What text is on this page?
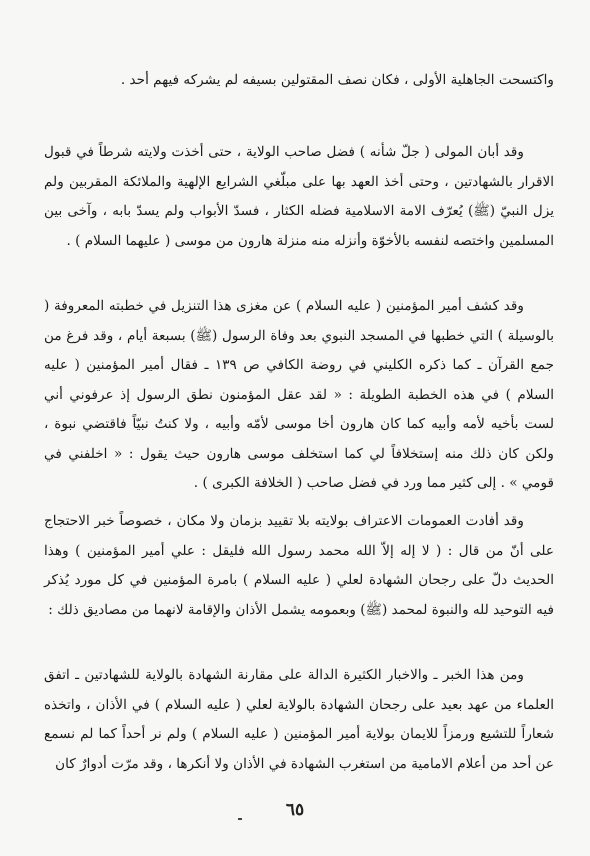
واكتسحت الجاهلية الأولى ، فكان نصف المقتولين بسيفه لم يشركه فيهم أحد .

وقد أبان المولى ( جلّ شأنه ) فضل صاحب الولاية ، حتى أخذت ولايته شرطاً في قبول الاقرار بالشهادتين ، وحتى أخذ العهد بها على مبلّغي الشرايع الإلهية والملائكة المقربين ولم يزل النبيّ (ﷺ) يُعرّف الامة الاسلامية فضله الكثار ، فسدّ الأبواب ولم يسدّ بابه ، وآخى بين المسلمين واختصه لنفسه بالأخوّة وأنزله منه منزلة هارون من موسى ( عليهما السلام ) .

وقد كشف أمير المؤمنين ( عليه السلام ) عن مغزى هذا التنزيل في خطبته المعروفة ( بالوسيلة ) التي خطبها في المسجد النبوي بعد وفاة الرسول (ﷺ) بسبعة أيام ، وقد فرغ من جمع القرآن ـ كما ذكره الكليني في روضة الكافي ص ١٣٩ ـ فقال أمير المؤمنين ( عليه السلام ) في هذه الخطبة الطويلة : « لقد عقل المؤمنون نطق الرسول إذ عرفوني أني لست بأخيه لأمه وأبيه كما كان هارون أخا موسى لأمّه وأبيه ، ولا كنتُ نبيّاً فاقتضي نبوة ، ولكن كان ذلك منه إستخلافاً لي كما استخلف موسى هارون حيث يقول : « اخلفني في قومي » . إلى كثير مما ورد في فضل صاحب ( الخلافة الكبرى ) .

وقد أفادت العمومات الاعتراف بولايته بلا تقييد بزمان ولا مكان ، خصوصاً خبر الاحتجاج على أنّ من قال : ( لا إله إلاّ الله محمد رسول الله فليقل : علي أمير المؤمنين ) وهذا الحديث دلّ على رجحان الشهادة لعلي ( عليه السلام ) بامرة المؤمنين في كل مورد يُذكر فيه التوحيد لله والنبوة لمحمد (ﷺ) وبعمومه يشمل الأذان والإقامة لانهما من مصاديق ذلك :

ومن هذا الخبر ـ والاخبار الكثيرة الدالة على مقارنة الشهادة بالولاية للشهادتين ـ اتفق العلماء من عهد بعيد على رجحان الشهادة بالولاية لعلي ( عليه السلام ) في الأذان ، واتخذه شعاراً للتشيع ورمزاً للايمان بولاية أمير المؤمنين ( عليه السلام ) ولم نر أحداً كما لم نسمع عن أحد من أعلام الامامية من استغرب الشهادة في الأذان ولا أنكرها ، وقد مرّت أدوارٌ كان

٦٥
